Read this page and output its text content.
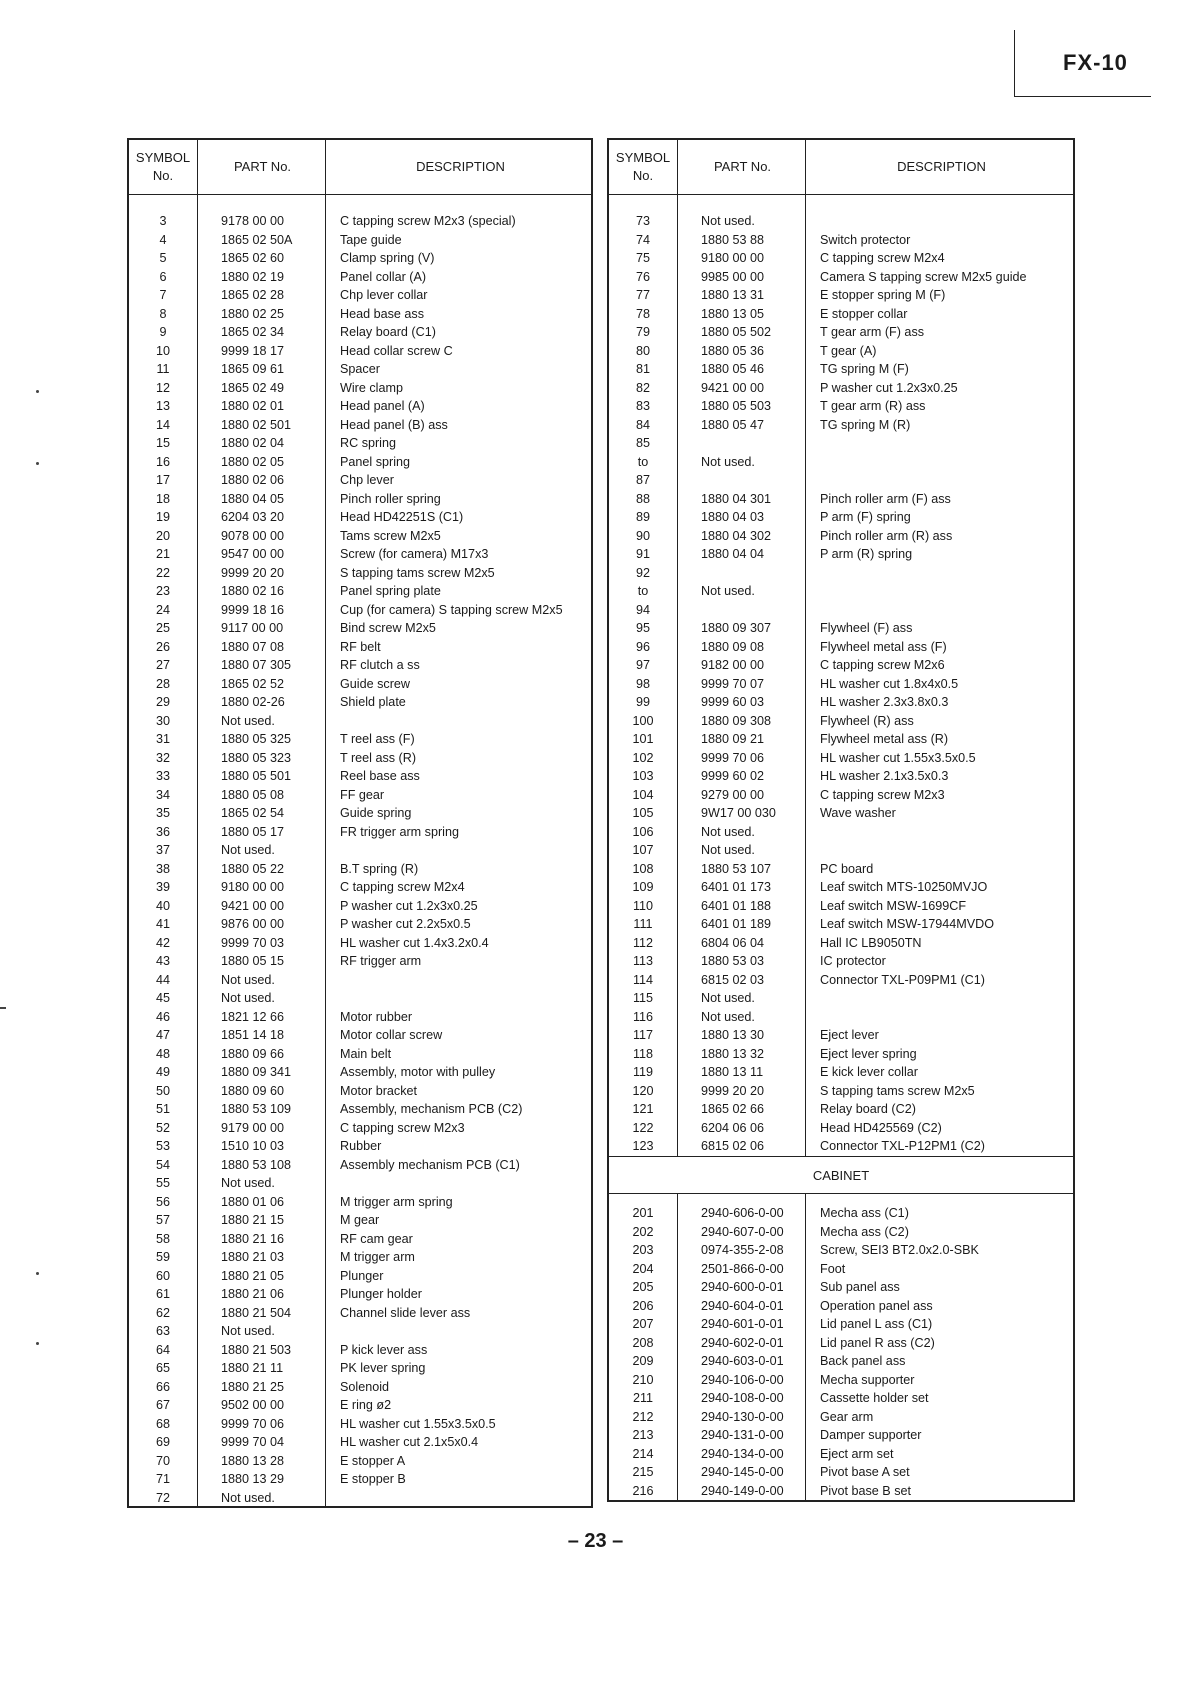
FX-10
SYMBOL No.
PART No.	DESCRIPTION
3	9178 00 00	C tapping screw M2x3 (special)
4	1865 02 50A	Tape guide
5	1865 02 60	Clamp spring (V)
6	1880 02 19	Panel collar (A)
7	1865 02 28	Chp lever collar
8	1880 02 25	Head base ass
9	1865 02 34	Relay board (C1)
10	9999 18 17	Head collar screw C
11	1865 09 61	Spacer
12	1865 02 49	Wire clamp
13	1880 02 01	Head panel (A)
14	1880 02 501	Head panel (B) ass
15	1880 02 04	RC spring
16	1880 02 05	Panel spring
17	1880 02 06	Chp lever
18	1880 04 05	Pinch roller spring
19	6204 03 20	Head HD42251S (C1)
20	9078 00 00	Tams screw M2x5
21	9547 00 00	Screw (for camera) M17x3
22	9999 20 20	S tapping tams screw M2x5
23	1880 02 16	Panel spring plate
24	9999 18 16	Cup (for camera) S tapping screw M2x5
25	9117 00 00	Bind screw M2x5
26	1880 07 08	RF belt
27	1880 07 305	RF clutch a ss
28	1865 02 52	Guide screw
29	1880 02-26	Shield plate
30	Not used.
31	1880 05 325	T reel ass (F)
32	1880 05 323	T reel ass (R)
33	1880 05 501	Reel base ass
34	1880 05 08	FF gear
35	1865 02 54	Guide spring
36	1880 05 17	FR trigger arm spring
37	Not used.
38	1880 05 22	B.T spring (R)
39	9180 00 00	C tapping screw M2x4
40	9421 00 00	P washer cut 1.2x3x0.25
41	9876 00 00	P washer cut 2.2x5x0.5
42	9999 70 03	HL washer cut 1.4x3.2x0.4
43	1880 05 15	RF trigger arm
44	Not used.
45	Not used.
46	1821 12 66	Motor rubber
47	1851 14 18	Motor collar screw
48	1880 09 66	Main belt
49	1880 09 341	Assembly, motor with pulley
50	1880 09 60	Motor bracket
51	1880 53 109	Assembly, mechanism PCB (C2)
52	9179 00 00	C tapping screw M2x3
53	1510 10 03	Rubber
54	1880 53 108	Assembly mechanism PCB (C1)
55	Not used.
56	1880 01 06	M trigger arm spring
57	1880 21 15	M gear
58	1880 21 16	RF cam gear
59	1880 21 03	M trigger arm
60	1880 21 05	Plunger
61	1880 21 06	Plunger holder
62	1880 21 504	Channel slide lever ass
63	Not used.
64	1880 21 503	P kick lever ass
65	1880 21 11	PK lever spring
66	1880 21 25	Solenoid
67	9502 00 00	E ring ø2
68	9999 70 06	HL washer cut 1.55x3.5x0.5
69	9999 70 04	HL washer cut 2.1x5x0.4
70	1880 13 28	E stopper A
71	1880 13 29	E stopper B
72	Not used.
SYMBOL No.
PART No.	DESCRIPTION
73	Not used.
74	1880 53 88	Switch protector
75	9180 00 00	C tapping screw M2x4
76	9985 00 00	Camera S tapping screw M2x5 guide
77	1880 13 31	E stopper spring M (F)
78	1880 13 05	E stopper collar
79	1880 05 502	T gear arm (F) ass
80	1880 05 36	T gear (A)
81	1880 05 46	TG spring M (F)
82	9421 00 00	P washer cut 1.2x3x0.25
83	1880 05 503	T gear arm (R) ass
84	1880 05 47	TG spring M (R)
85
to	Not used.
87
88	1880 04 301	Pinch roller arm (F) ass
89	1880 04 03	P arm (F) spring
90	1880 04 302	Pinch roller arm (R) ass
91	1880 04 04	P arm (R) spring
92
to	Not used.
94
95	1880 09 307	Flywheel (F) ass
96	1880 09 08	Flywheel metal ass (F)
97	9182 00 00	C tapping screw M2x6
98	9999 70 07	HL washer cut 1.8x4x0.5
99	9999 60 03	HL washer 2.3x3.8x0.3
100	1880 09 308	Flywheel (R) ass
101	1880 09 21	Flywheel metal ass (R)
102	9999 70 06	HL washer cut 1.55x3.5x0.5
103	9999 60 02	HL washer 2.1x3.5x0.3
104	9279 00 00	C tapping screw M2x3
105	9W17 00 030	Wave washer
106	Not used.
107	Not used.
108	1880 53 107	PC board
109	6401 01 173	Leaf switch MTS-10250MVJO
110	6401 01 188	Leaf switch MSW-1699CF
111	6401 01 189	Leaf switch MSW-17944MVDO
112	6804 06 04	Hall IC LB9050TN
113	1880 53 03	IC protector
114	6815 02 03	Connector TXL-P09PM1 (C1)
115	Not used.
116	Not used.
117	1880 13 30	Eject lever
118	1880 13 32	Eject lever spring
119	1880 13 11	E kick lever collar
120	9999 20 20	S tapping tams screw M2x5
121	1865 02 66	Relay board (C2)
122	6204 06 06	Head HD425569 (C2)
123	6815 02 06	Connector TXL-P12PM1 (C2)
CABINET
201	2940-606-0-00	Mecha ass (C1)
202	2940-607-0-00	Mecha ass (C2)
203	0974-355-2-08	Screw, SEI3 BT2.0x2.0-SBK
204	2501-866-0-00	Foot
205	2940-600-0-01	Sub panel ass
206	2940-604-0-01	Operation panel ass
207	2940-601-0-01	Lid panel L ass (C1)
208	2940-602-0-01	Lid panel R ass (C2)
209	2940-603-0-01	Back panel ass
210	2940-106-0-00	Mecha supporter
211	2940-108-0-00	Cassette holder set
212	2940-130-0-00	Gear arm
213	2940-131-0-00	Damper supporter
214	2940-134-0-00	Eject arm set
215	2940-145-0-00	Pivot base A set
216	2940-149-0-00	Pivot base B set
– 23 –
